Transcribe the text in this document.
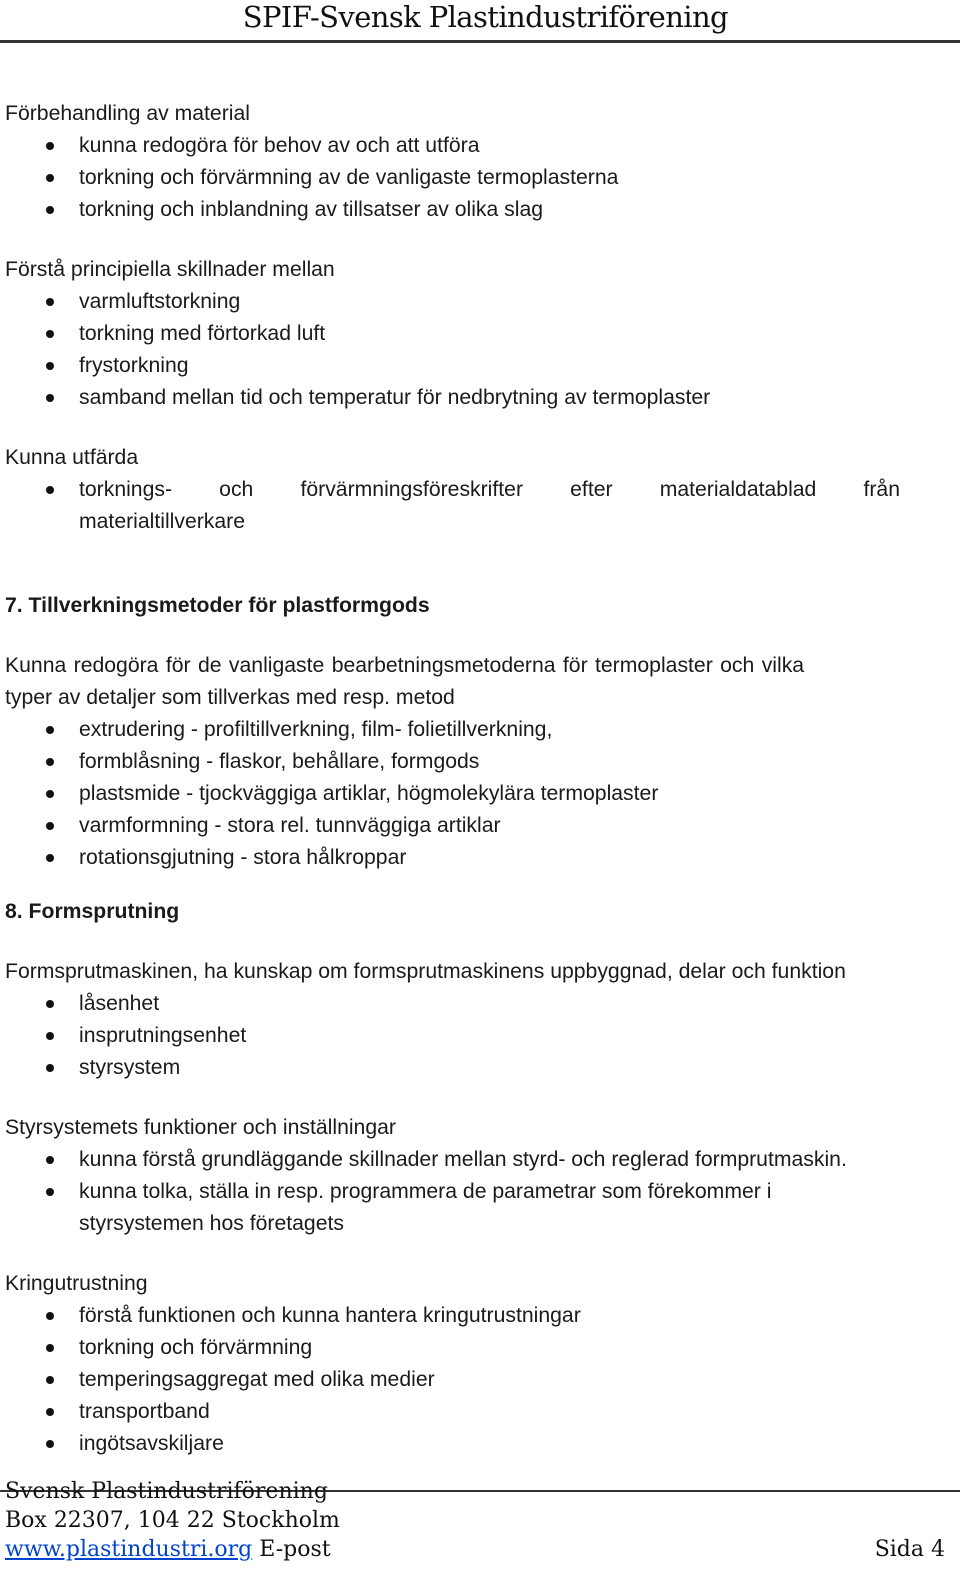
SPIF-Svensk Plastindustriförening
Förbehandling av material
kunna redogöra för behov av och att utföra
torkning och förvärmning av de vanligaste termoplasterna
torkning och inblandning av tillsatser av olika slag
Förstå principiella skillnader mellan
varmluftstorkning
torkning med förtorkad luft
frystorkning
samband mellan tid och temperatur för nedbrytning av termoplaster
Kunna utfärda
torknings-   och   förvärmningsföreskrifter   efter   materialdatablad   från
materialtillverkare
7. Tillverkningsmetoder för plastformgods
Kunna redogöra för de vanligaste bearbetningsmetoderna för termoplaster och vilka
typer av detaljer som tillverkas med resp. metod
extrudering - profiltillverkning, film- folietillverkning,
formblåsning - flaskor, behållare, formgods
plastsmide - tjockväggiga artiklar, högmolekylära termoplaster
varmformning - stora rel. tunnväggiga artiklar
rotationsgjutning - stora hålkroppar
8. Formsprutning
Formsprutmaskinen, ha kunskap om formsprutmaskinens uppbyggnad, delar och funktion
låsenhet
insprutningsenhet
styrsystem
Styrsystemets funktioner och inställningar
kunna förstå grundläggande skillnader mellan styrd- och reglerad formprutmaskin.
kunna tolka, ställa in resp. programmera de parametrar som förekommer i
styrsystemen hos företagets
Kringutrustning
förstå funktionen och kunna hantera kringutrustningar
torkning och förvärmning
temperingsaggregat med olika medier
transportband
ingötsavskiljare
Svensk Plastindustriförening
Box 22307, 104 22 Stockholm
www.plastindustri.org E-post	Sida 4
